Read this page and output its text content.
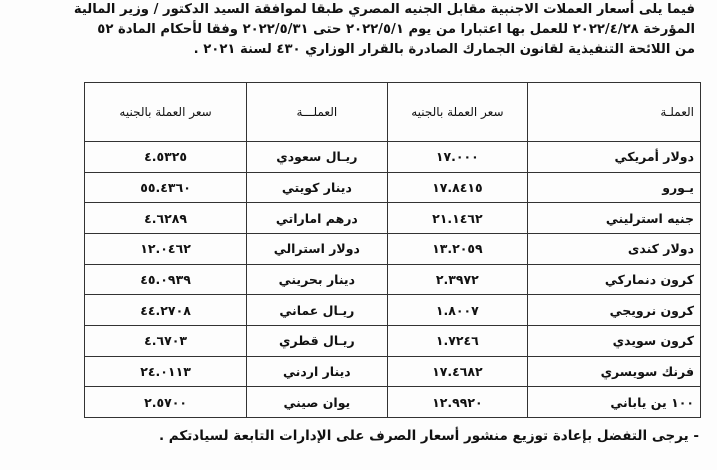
فيما يلى أسعار العملات الاجنبية مقابل الجنيه المصري طبقا لموافقة السيد الدكتور / وزير المالية
المؤرخة ٢٠٢٢/٤/٢٨ للعمل بها اعتبارا من يوم ٢٠٢٢/٥/١ حتى ٢٠٢٢/٥/٣١ وفقا لأحكام المادة ٥٢
من اللائحة التنفيذية لقانون الجمارك الصادرة بالقرار الوزاري ٤٣٠ لسنة ٢٠٢١ .
العملـة	سعر العملة بالجنيه	العملـــة	سعر العملة بالجنيه
دولار أمريكي	١٧.٠٠٠	ريـال سعودي	٤.٥٣٢٥
يـورو	١٧.٨٤١٥	دينار كويتي	٥٥.٤٣٦٠
جنيه استرليني	٢١.١٤٦٢	درهم اماراتي	٤.٦٢٨٩
دولار كندى	١٣.٢٠٥٩	دولار استرالي	١٢.٠٤٦٢
كرون دنماركي	٢.٣٩٧٢	دينار بحريني	٤٥.٠٩٣٩
كرون نرويجي	١.٨٠٠٧	ريـال عماني	٤٤.٢٧٠٨
كرون سويدي	١.٧٢٤٦	ريـال قطري	٤.٦٧٠٣
فرنك سويسري	١٧.٤٦٨٢	دينار اردني	٢٤.٠١١٣
١٠٠ ين ياباني	١٢.٩٩٢٠	يوان صيني	٢.٥٧٠٠
- يرجى التفضل بإعادة توزيع منشور أسعار الصرف على الإدارات التابعة لسيادتكم .
